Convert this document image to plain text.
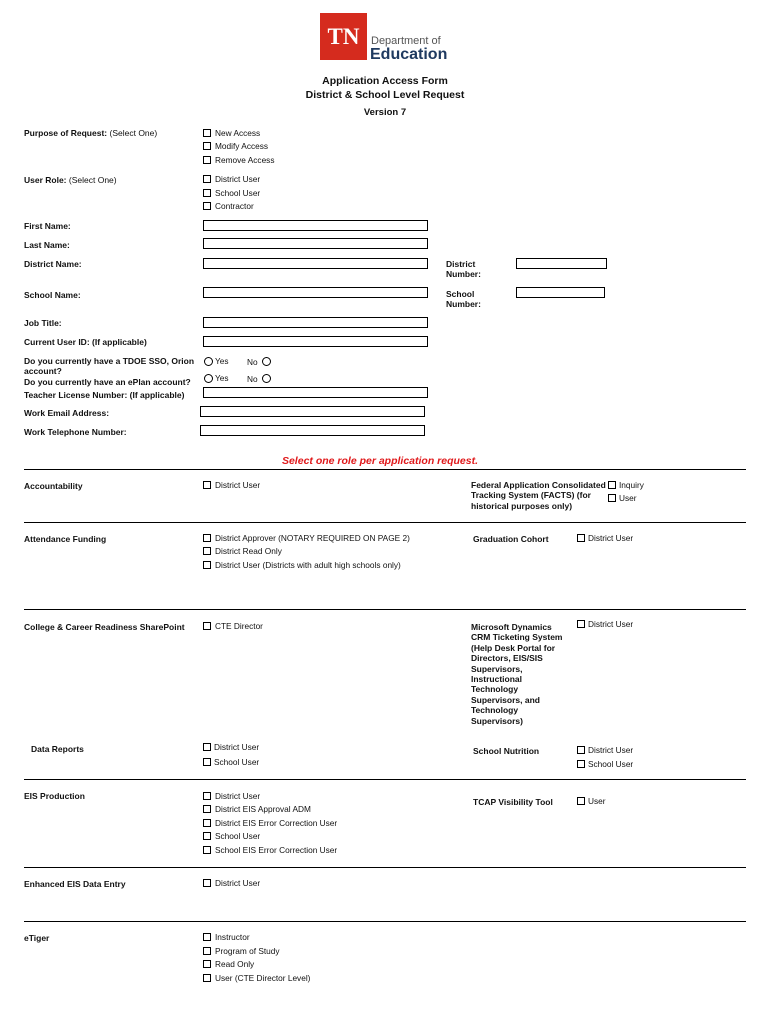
TN	Department of
Education
Application Access Form
District & School Level Request
Version 7
Purpose of Request: (Select One)	New Access
Modify Access
Remove Access
User Role: (Select One)	District User
School User
Contractor
First Name:
Last Name:
District Name:	District Number:
School Name:	School Number:
Job Title:
Current User ID: (If applicable)
Do you currently have a TDOE SSO, Orion account?
Yes No
Do you currently have an ePlan account?	Yes No
Teacher License Number: (If applicable)
Work Email Address:
Work Telephone Number:
Select one role per application request.
Accountability	District User	Federal Application Consolidated Tracking System (FACTS) (for historical purposes only)
Inquiry
User
Attendance Funding	District Approver (NOTARY REQUIRED ON PAGE 2)
District Read Only
District User (Districts with adult high schools only)
Graduation Cohort	District User
College & Career Readiness SharePoint	CTE Director	Microsoft Dynamics CRM Ticketing System (Help Desk Portal for Directors, EIS/SIS Supervisors, Instructional Technology Supervisors, and Technology Supervisors)
District User
Data Reports	District User
School User
School Nutrition	District User
School User
EIS Production	District User
District EIS Approval ADM
District EIS Error Correction User
School User
School EIS Error Correction User
TCAP Visibility Tool	User
Enhanced EIS Data Entry	District User
eTiger	Instructor
Program of Study
Read Only
User (CTE Director Level)
